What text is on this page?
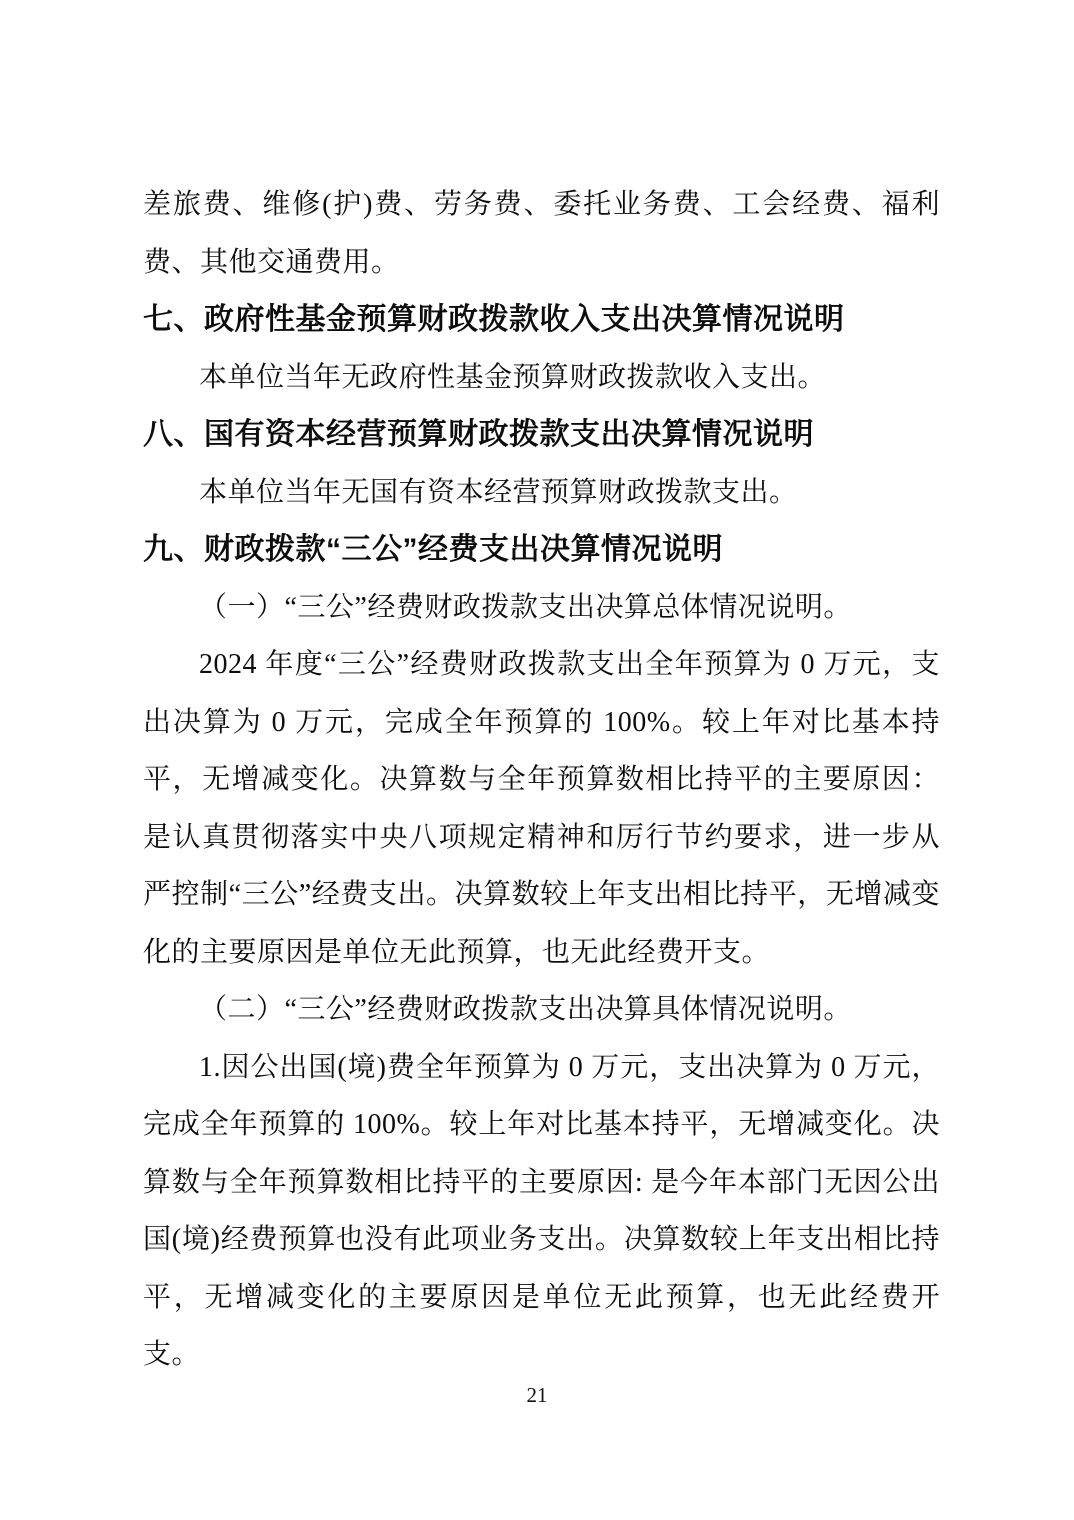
差旅费、维修(护)费、劳务费、委托业务费、工会经费、福利费、其他交通费用。

七、政府性基金预算财政拨款收入支出决算情况说明

本单位当年无政府性基金预算财政拨款收入支出。

八、国有资本经营预算财政拨款支出决算情况说明

本单位当年无国有资本经营预算财政拨款支出。

九、财政拨款“三公”经费支出决算情况说明

（一）“三公”经费财政拨款支出决算总体情况说明。

2024 年度“三公”经费财政拨款支出全年预算为 0 万元，支出决算为 0 万元，完成全年预算的 100%。较上年对比基本持平，无增减变化。决算数与全年预算数相比持平的主要原因：是认真贯彻落实中央八项规定精神和厉行节约要求，进一步从严控制“三公”经费支出。决算数较上年支出相比持平，无增减变化的主要原因是单位无此预算，也无此经费开支。

（二）“三公”经费财政拨款支出决算具体情况说明。

1.因公出国(境)费全年预算为 0 万元，支出决算为 0 万元，完成全年预算的 100%。较上年对比基本持平，无增减变化。决算数与全年预算数相比持平的主要原因: 是今年本部门无因公出国(境)经费预算也没有此项业务支出。决算数较上年支出相比持平，无增减变化的主要原因是单位无此预算，也无此经费开支。

21
